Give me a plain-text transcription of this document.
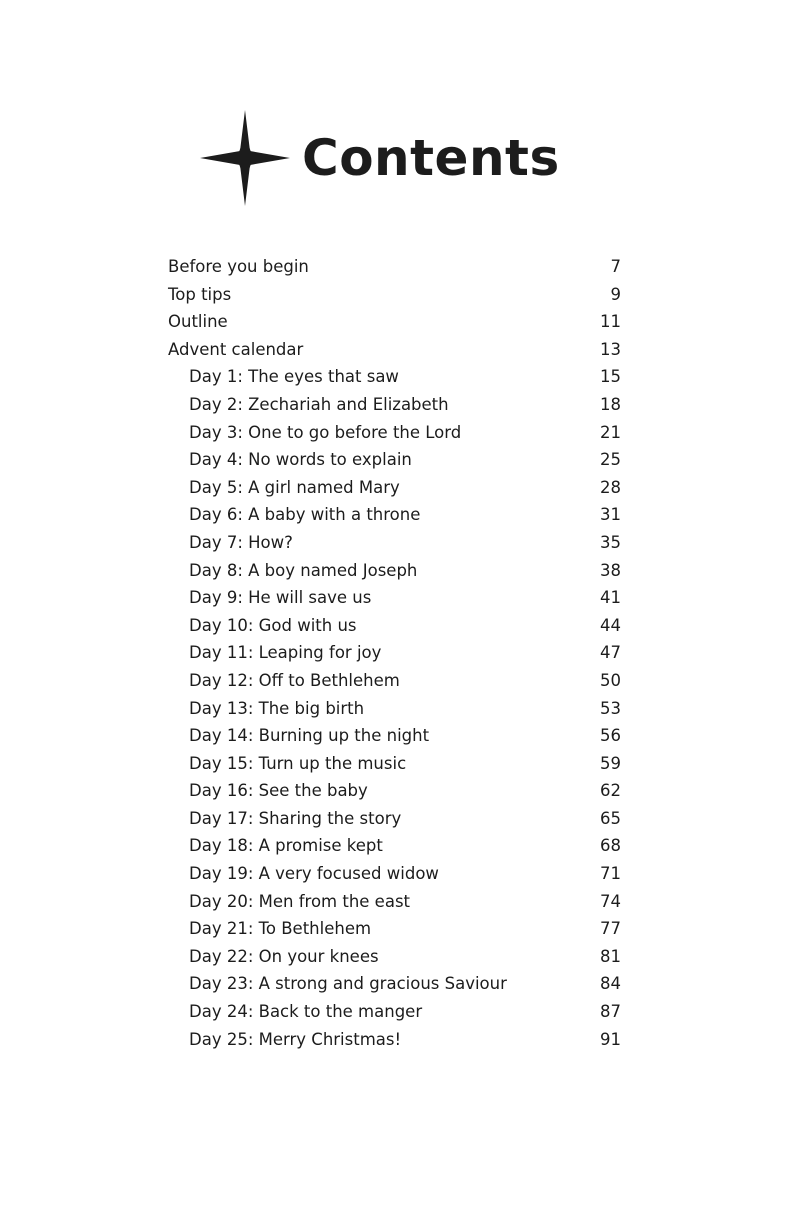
Contents
Before you begin	7
Top tips	9
Outline	11
Advent calendar	13
Day 1: The eyes that saw	15
Day 2: Zechariah and Elizabeth	18
Day 3: One to go before the Lord	21
Day 4: No words to explain	25
Day 5: A girl named Mary	28
Day 6: A baby with a throne	31
Day 7: How?	35
Day 8: A boy named Joseph	38
Day 9: He will save us	41
Day 10: God with us	44
Day 11: Leaping for joy	47
Day 12: Off to Bethlehem	50
Day 13: The big birth	53
Day 14: Burning up the night	56
Day 15: Turn up the music	59
Day 16: See the baby	62
Day 17: Sharing the story	65
Day 18: A promise kept	68
Day 19: A very focused widow	71
Day 20: Men from the east	74
Day 21: To Bethlehem	77
Day 22: On your knees	81
Day 23: A strong and gracious Saviour	84
Day 24: Back to the manger	87
Day 25: Merry Christmas!	91
